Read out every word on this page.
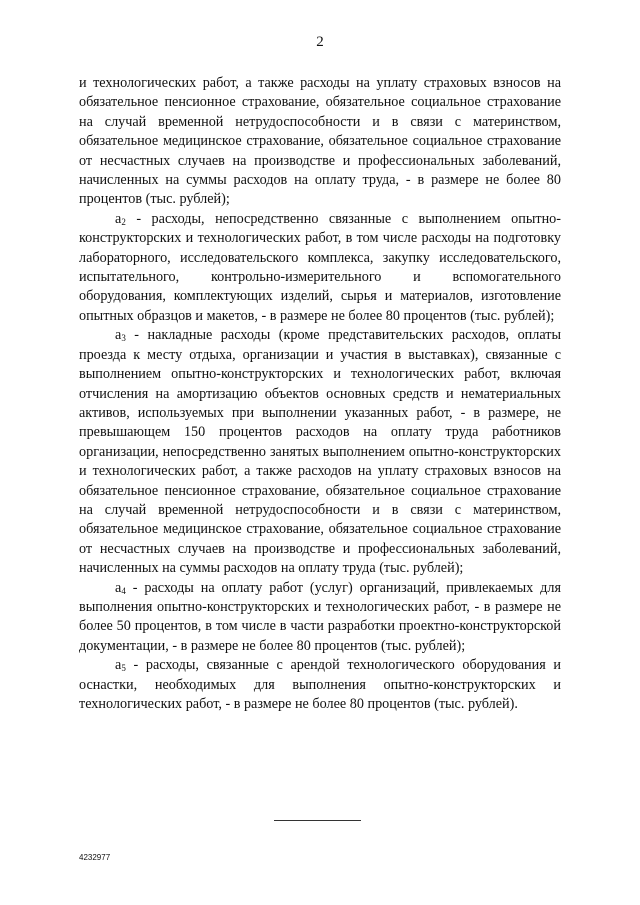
2

и технологических работ, а также расходы на уплату страховых взносов на обязательное пенсионное страхование, обязательное социальное страхование на случай временной нетрудоспособности и в связи с материнством, обязательное медицинское страхование, обязательное социальное страхование от несчастных случаев на производстве и профессиональных заболеваний, начисленных на суммы расходов на оплату труда, - в размере не более 80 процентов (тыс. рублей);

$а_2$ - расходы, непосредственно связанные с выполнением опытно-конструкторских и технологических работ, в том числе расходы на подготовку лабораторного, исследовательского комплекса, закупку исследовательского, испытательного, контрольно-измерительного и вспомогательного оборудования, комплектующих изделий, сырья и материалов, изготовление опытных образцов и макетов, - в размере не более 80 процентов (тыс. рублей);

$а_3$ - накладные расходы (кроме представительских расходов, оплаты проезда к месту отдыха, организации и участия в выставках), связанные с выполнением опытно-конструкторских и технологических работ, включая отчисления на амортизацию объектов основных средств и нематериальных активов, используемых при выполнении указанных работ, - в размере, не превышающем 150 процентов расходов на оплату труда работников организации, непосредственно занятых выполнением опытно-конструкторских и технологических работ, а также расходов на уплату страховых взносов на обязательное пенсионное страхование, обязательное социальное страхование на случай временной нетрудоспособности и в связи с материнством, обязательное медицинское страхование, обязательное социальное страхование от несчастных случаев на производстве и профессиональных заболеваний, начисленных на суммы расходов на оплату труда (тыс. рублей);

$а_4$ - расходы на оплату работ (услуг) организаций, привлекаемых для выполнения опытно-конструкторских и технологических работ, - в размере не более 50 процентов, в том числе в части разработки проектно-конструкторской документации, - в размере не более 80 процентов (тыс. рублей);

$а_5$ - расходы, связанные с арендой технологического оборудования и оснастки, необходимых для выполнения опытно-конструкторских и технологических работ, - в размере не более 80 процентов (тыс. рублей).

4232977
